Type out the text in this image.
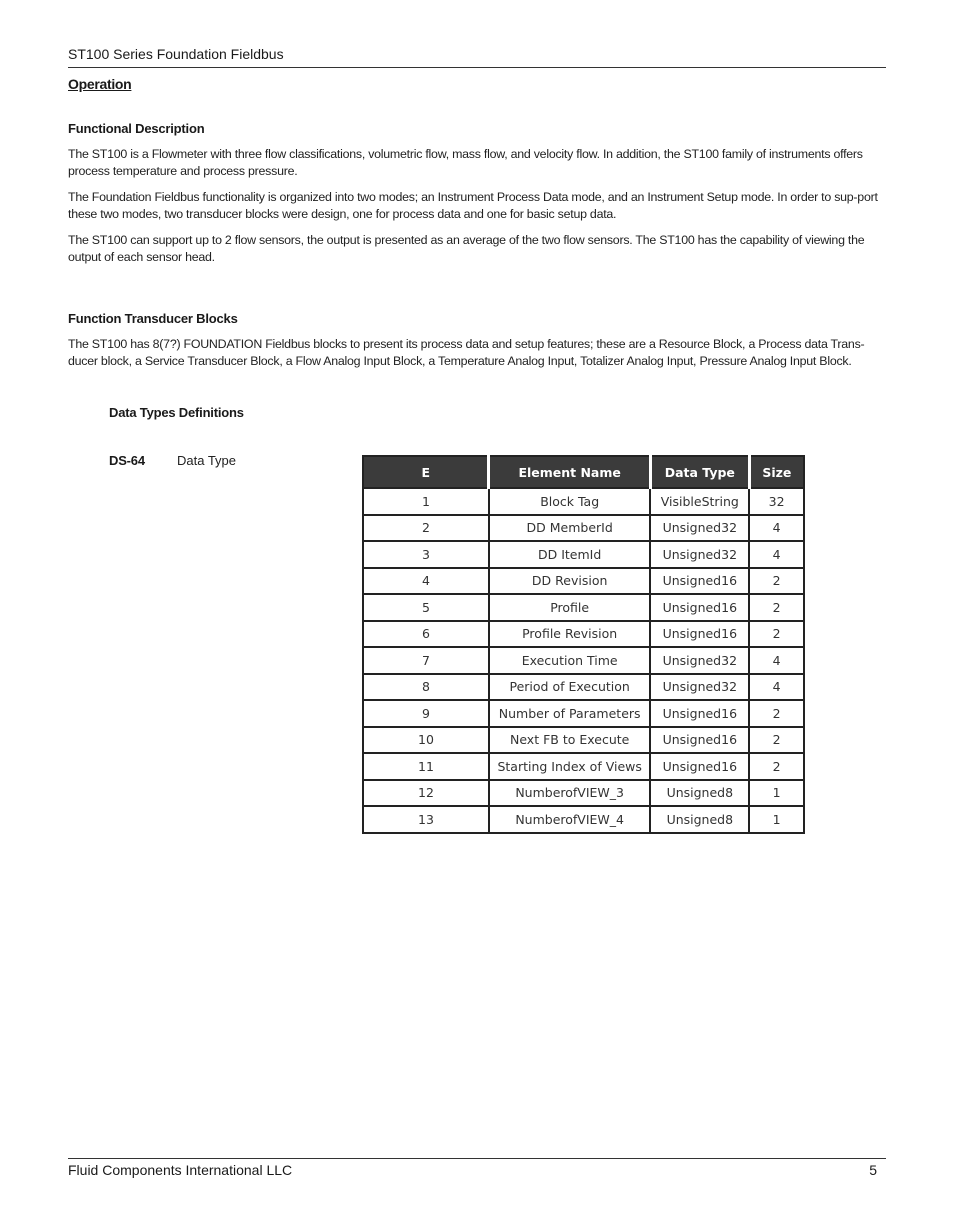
ST100 Series Foundation Fieldbus
Operation
Functional Description
The ST100 is a Flowmeter with three flow classifications, volumetric flow, mass flow, and velocity flow. In addition, the ST100 family of instruments offers process temperature and process pressure.
The Foundation Fieldbus functionality is organized into two modes; an Instrument Process Data mode, and an Instrument Setup mode. In order to sup-port these two modes, two transducer blocks were design, one for process data and one for basic setup data.
The ST100 can support up to 2 flow sensors, the output is presented as an average of the two flow sensors. The ST100 has the capability of viewing the output of each sensor head.
Function Transducer Blocks
The ST100 has 8(7?) FOUNDATION Fieldbus blocks to present its process data and setup features; these are a Resource Block, a Process data Trans-ducer block, a Service Transducer Block, a Flow Analog Input Block, a Temperature Analog Input, Totalizer Analog Input, Pressure Analog Input Block.
Data Types Definitions
DS-64 Data Type
E	Element Name	Data Type	Size
1	Block Tag	VisibleString	32
2	DD MemberId	Unsigned32	4
3	DD ItemId	Unsigned32	4
4	DD Revision	Unsigned16	2
5	Profile	Unsigned16	2
6	Profile Revision	Unsigned16	2
7	Execution Time	Unsigned32	4
8	Period of Execution	Unsigned32	4
9	Number of Parameters	Unsigned16	2
10	Next FB to Execute	Unsigned16	2
11	Starting Index of Views	Unsigned16	2
12	NumberofVIEW_3	Unsigned8	1
13	NumberofVIEW_4	Unsigned8	1
Fluid Components International LLC	5
